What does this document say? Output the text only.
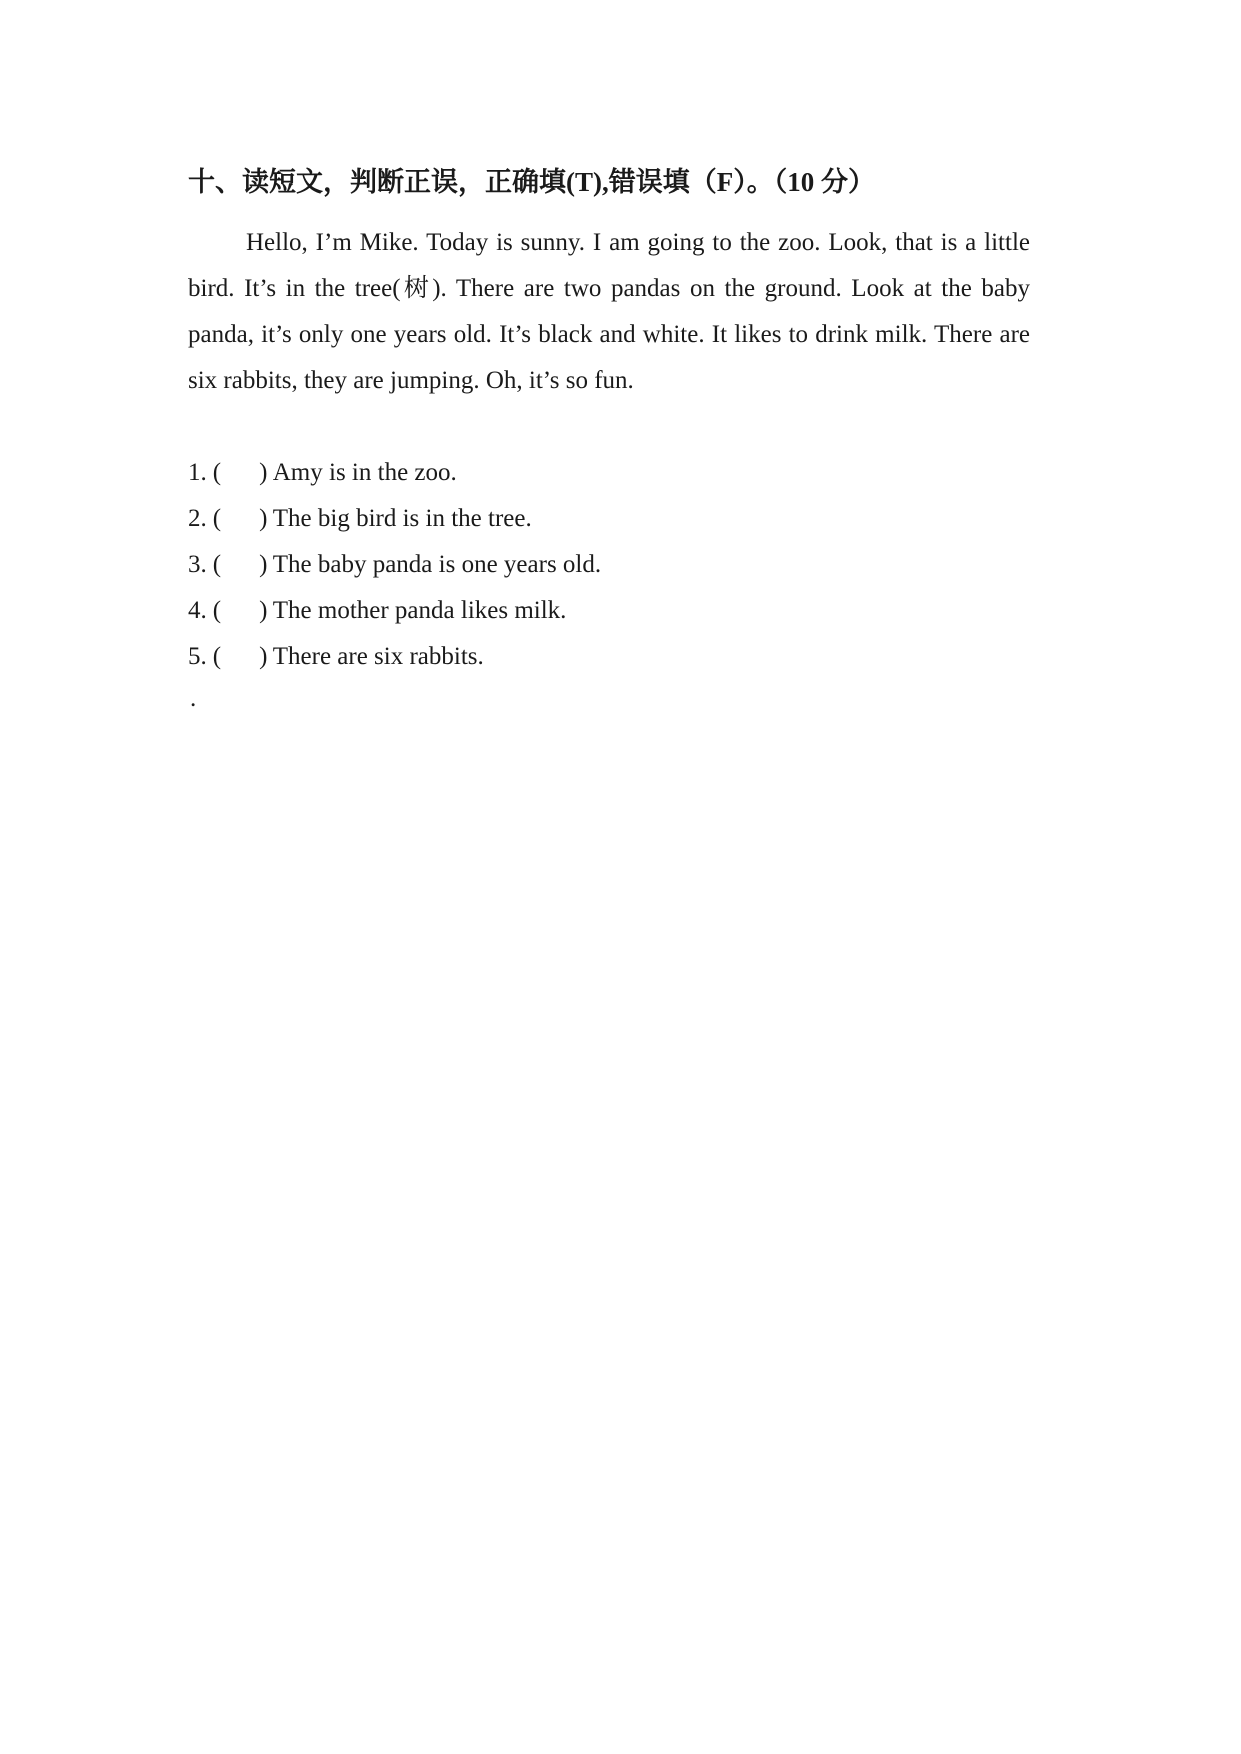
十、读短文，判断正误，正确填(T),错误填（F）。（10 分）

Hello, I’m Mike. Today is sunny. I am going to the zoo. Look, that is a little bird. It’s in the tree(树). There are two pandas on the ground. Look at the baby panda, it’s only one years old. It’s black and white. It likes to drink milk. There are six rabbits, they are jumping. Oh, it’s so fun.

1. ( ) Amy is in the zoo.
2. ( ) The big bird is in the tree.
3. ( ) The baby panda is one years old.
4. ( ) The mother panda likes milk.
5. ( ) There are six rabbits.
.
